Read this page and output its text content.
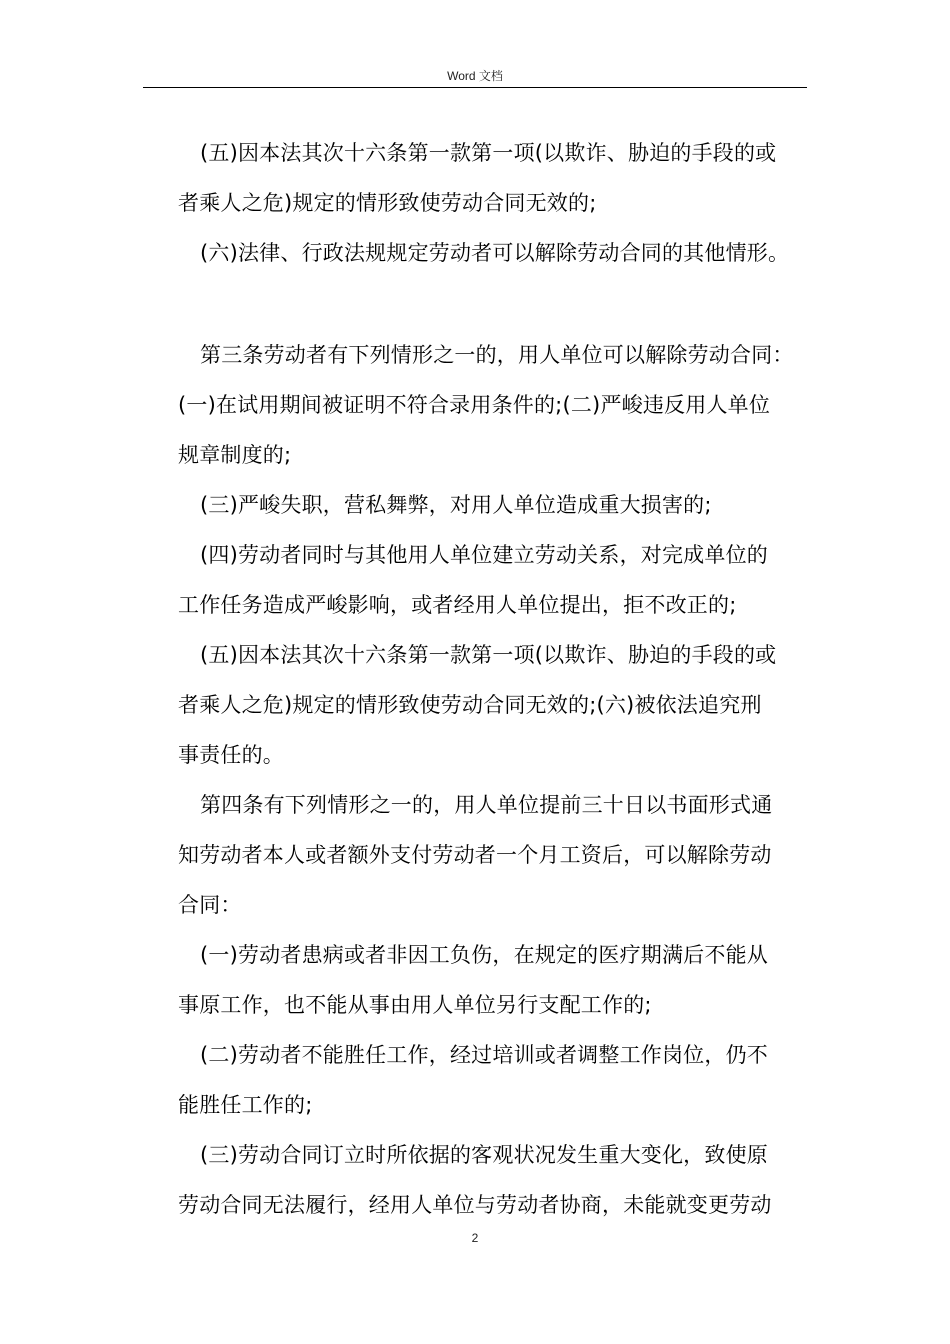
Word 文档
(五)因本法其次十六条第一款第一项(以欺诈、胁迫的手段的或
者乘人之危)规定的情形致使劳动合同无效的;
(六)法律、行政法规规定劳动者可以解除劳动合同的其他情形。
第三条劳动者有下列情形之一的，用人单位可以解除劳动合同：
(一)在试用期间被证明不符合录用条件的;(二)严峻违反用人单位
规章制度的;
(三)严峻失职，营私舞弊，对用人单位造成重大损害的;
(四)劳动者同时与其他用人单位建立劳动关系，对完成单位的
工作任务造成严峻影响，或者经用人单位提出，拒不改正的;
(五)因本法其次十六条第一款第一项(以欺诈、胁迫的手段的或
者乘人之危)规定的情形致使劳动合同无效的;(六)被依法追究刑
事责任的。
第四条有下列情形之一的，用人单位提前三十日以书面形式通
知劳动者本人或者额外支付劳动者一个月工资后，可以解除劳动
合同：
(一)劳动者患病或者非因工负伤，在规定的医疗期满后不能从
事原工作，也不能从事由用人单位另行支配工作的;
(二)劳动者不能胜任工作，经过培训或者调整工作岗位，仍不
能胜任工作的;
(三)劳动合同订立时所依据的客观状况发生重大变化，致使原
劳动合同无法履行，经用人单位与劳动者协商，未能就变更劳动
2
